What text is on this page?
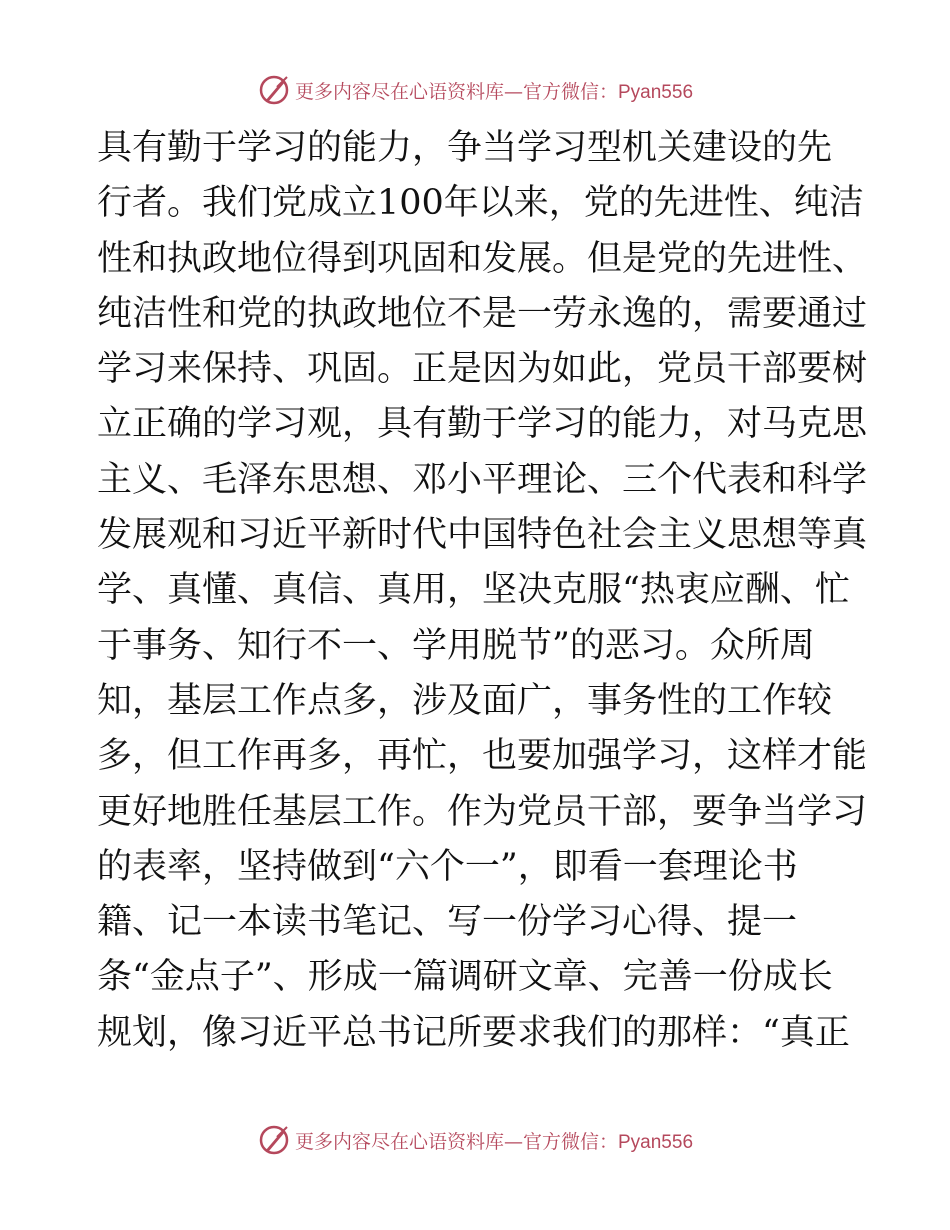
更多内容尽在心语资料库—官方微信：Pyan556
具有勤于学习的能力，争当学习型机关建设的先
行者。我们党成立100年以来，党的先进性、纯洁
性和执政地位得到巩固和发展。但是党的先进性、
纯洁性和党的执政地位不是一劳永逸的，需要通过
学习来保持、巩固。正是因为如此，党员干部要树
立正确的学习观，具有勤于学习的能力，对马克思
主义、毛泽东思想、邓小平理论、三个代表和科学
发展观和习近平新时代中国特色社会主义思想等真
学、真懂、真信、真用，坚决克服“热衷应酬、忙
于事务、知行不一、学用脱节”的恶习。众所周
知，基层工作点多，涉及面广，事务性的工作较
多，但工作再多，再忙，也要加强学习，这样才能
更好地胜任基层工作。作为党员干部，要争当学习
的表率，坚持做到“六个一”，即看一套理论书
籍、记一本读书笔记、写一份学习心得、提一
条“金点子”、形成一篇调研文章、完善一份成长
规划，像习近平总书记所要求我们的那样：“真正
更多内容尽在心语资料库—官方微信：Pyan556
